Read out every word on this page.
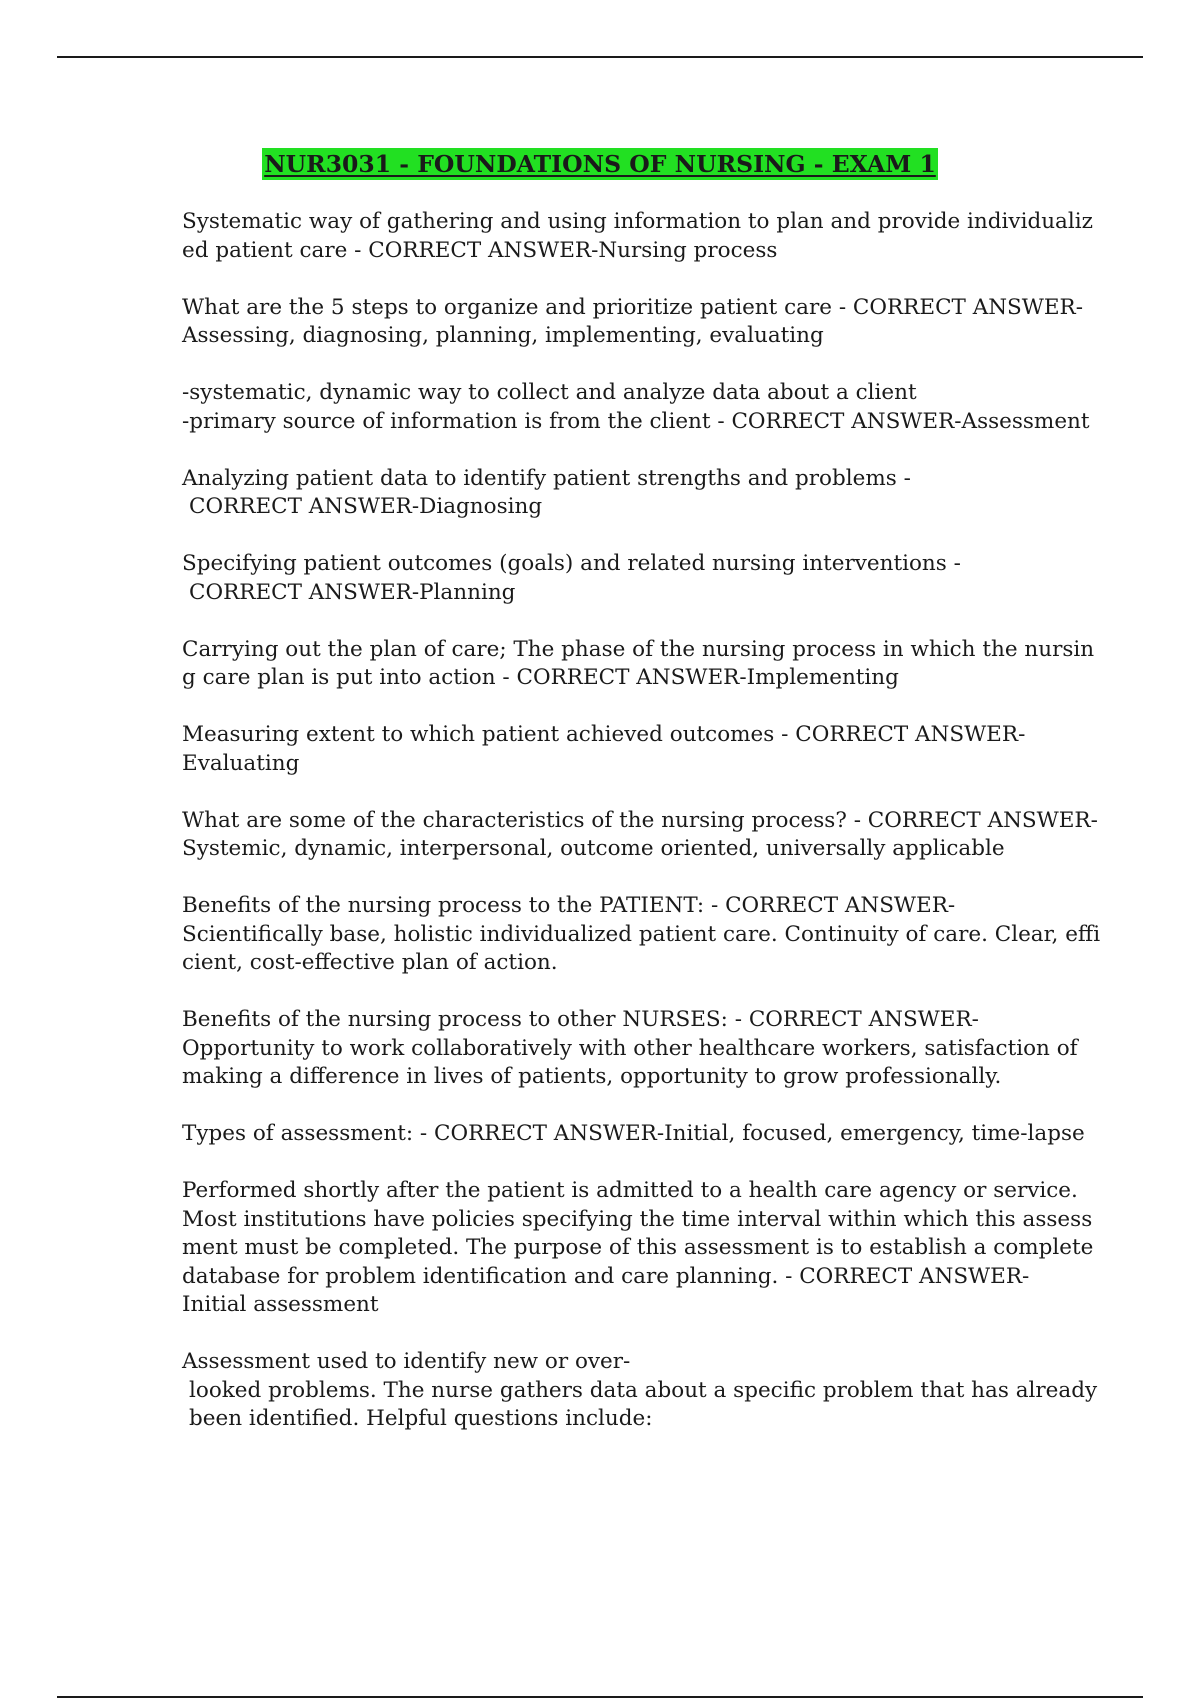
NUR3031 - FOUNDATIONS OF NURSING - EXAM 1
Systematic way of gathering and using information to plan and provide individualiz
ed patient care - CORRECT ANSWER-Nursing process
What are the 5 steps to organize and prioritize patient care - CORRECT ANSWER-
Assessing, diagnosing, planning, implementing, evaluating
-systematic, dynamic way to collect and analyze data about a client
-primary source of information is from the client - CORRECT ANSWER-Assessment
Analyzing patient data to identify patient strengths and problems -
CORRECT ANSWER-Diagnosing
Specifying patient outcomes (goals) and related nursing interventions -
CORRECT ANSWER-Planning
Carrying out the plan of care; The phase of the nursing process in which the nursin
g care plan is put into action - CORRECT ANSWER-Implementing
Measuring extent to which patient achieved outcomes - CORRECT ANSWER-
Evaluating
What are some of the characteristics of the nursing process? - CORRECT ANSWER-
Systemic, dynamic, interpersonal, outcome oriented, universally applicable
Benefits of the nursing process to the PATIENT: - CORRECT ANSWER-
Scientifically base, holistic individualized patient care. Continuity of care. Clear, effi
cient, cost-effective plan of action.
Benefits of the nursing process to other NURSES: - CORRECT ANSWER-
Opportunity to work collaboratively with other healthcare workers, satisfaction of
making a difference in lives of patients, opportunity to grow professionally.
Types of assessment: - CORRECT ANSWER-Initial, focused, emergency, time-lapse
Performed shortly after the patient is admitted to a health care agency or service.
Most institutions have policies specifying the time interval within which this assess
ment must be completed. The purpose of this assessment is to establish a complete
database for problem identification and care planning. - CORRECT ANSWER-
Initial assessment
Assessment used to identify new or over-
looked problems. The nurse gathers data about a specific problem that has already
been identified. Helpful questions include:
